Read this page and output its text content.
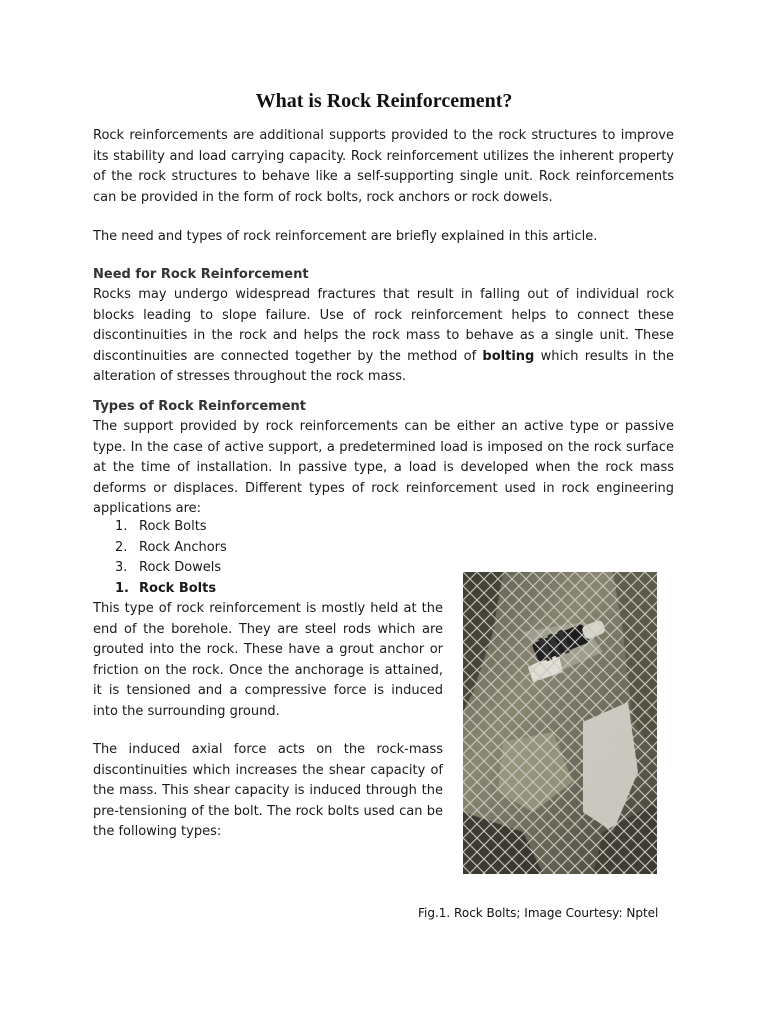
What is Rock Reinforcement?

Rock reinforcements are additional supports provided to the rock structures to improve its stability and load carrying capacity. Rock reinforcement utilizes the inherent property of the rock structures to behave like a self-supporting single unit. Rock reinforcements can be provided in the form of rock bolts, rock anchors or rock dowels.

The need and types of rock reinforcement are briefly explained in this article.

Need for Rock Reinforcement

Rocks may undergo widespread fractures that result in falling out of individual rock blocks leading to slope failure. Use of rock reinforcement helps to connect these discontinuities in the rock and helps the rock mass to behave as a single unit. These discontinuities are connected together by the method of bolting which results in the alteration of stresses throughout the rock mass.

Types of Rock Reinforcement

The support provided by rock reinforcements can be either an active type or passive type. In the case of active support, a predetermined load is imposed on the rock surface at the time of installation. In passive type, a load is developed when the rock mass deforms or displaces. Different types of rock reinforcement used in rock engineering applications are:

1. Rock Bolts
2. Rock Anchors
3. Rock Dowels
1. Rock Bolts

This type of rock reinforcement is mostly held at the end of the borehole. They are steel rods which are grouted into the rock. These have a grout anchor or friction on the rock. Once the anchorage is attained, it is tensioned and a compressive force is induced into the surrounding ground.

The induced axial force acts on the rock-mass discontinuities which increases the shear capacity of the mass. This shear capacity is induced through the pre-tensioning of the bolt. The rock bolts used can be the following types:

Fig.1. Rock Bolts; Image Courtesy: Nptel
